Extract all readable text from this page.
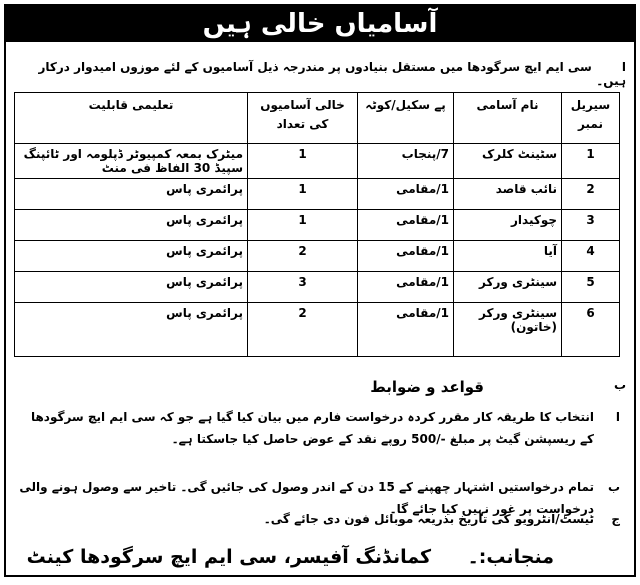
آسامیاں خالی ہیں
ا سی ایم ایچ سرگودھا میں مستقل بنیادوں پر مندرجہ ذیل آسامیوں کے لئے موزوں امیدوار درکار ہیں۔
سیریل نمبر	نام آسامی	پے سکیل/کوٹہ	خالی آسامیوں کی تعداد	تعلیمی قابلیت
1	سٹینٹ کلرک	7/پنجاب	1	میٹرک بمعہ کمپیوٹر ڈپلومہ اور ٹائپنگ سپیڈ 30 الفاظ فی منٹ
2	نائب قاصد	1/مقامی	1	پرائمری پاس
3	چوکیدار	1/مقامی	1	پرائمری پاس
4	آیا	1/مقامی	2	پرائمری پاس
5	سینٹری ورکر	1/مقامی	3	پرائمری پاس
6	سینٹری ورکر (خاتون)	1/مقامی	2	پرائمری پاس
ب
قواعد و ضوابط
ا
انتخاب کا طریقہ کار مقرر کردہ درخواست فارم میں بیان کیا گیا ہے جو کہ سی ایم ایچ سرگودھا کے ریسپشن گیٹ پر مبلغ -/500 روپے نقد کے عوض حاصل کیا جاسکتا ہے۔
ب
تمام درخواستیں اشتہار چھپنے کے 15 دن کے اندر وصول کی جائیں گی۔ تاخیر سے وصول ہونے والی درخواست پر غور نہیں کیا جائے گا۔
ج
ٹیسٹ/انٹرویو کی تاریخ بذریعہ موبائل فون دی جائے گی۔
منجانب:۔ کمانڈنگ آفیسر، سی ایم ایچ سرگودھا کینٹ
